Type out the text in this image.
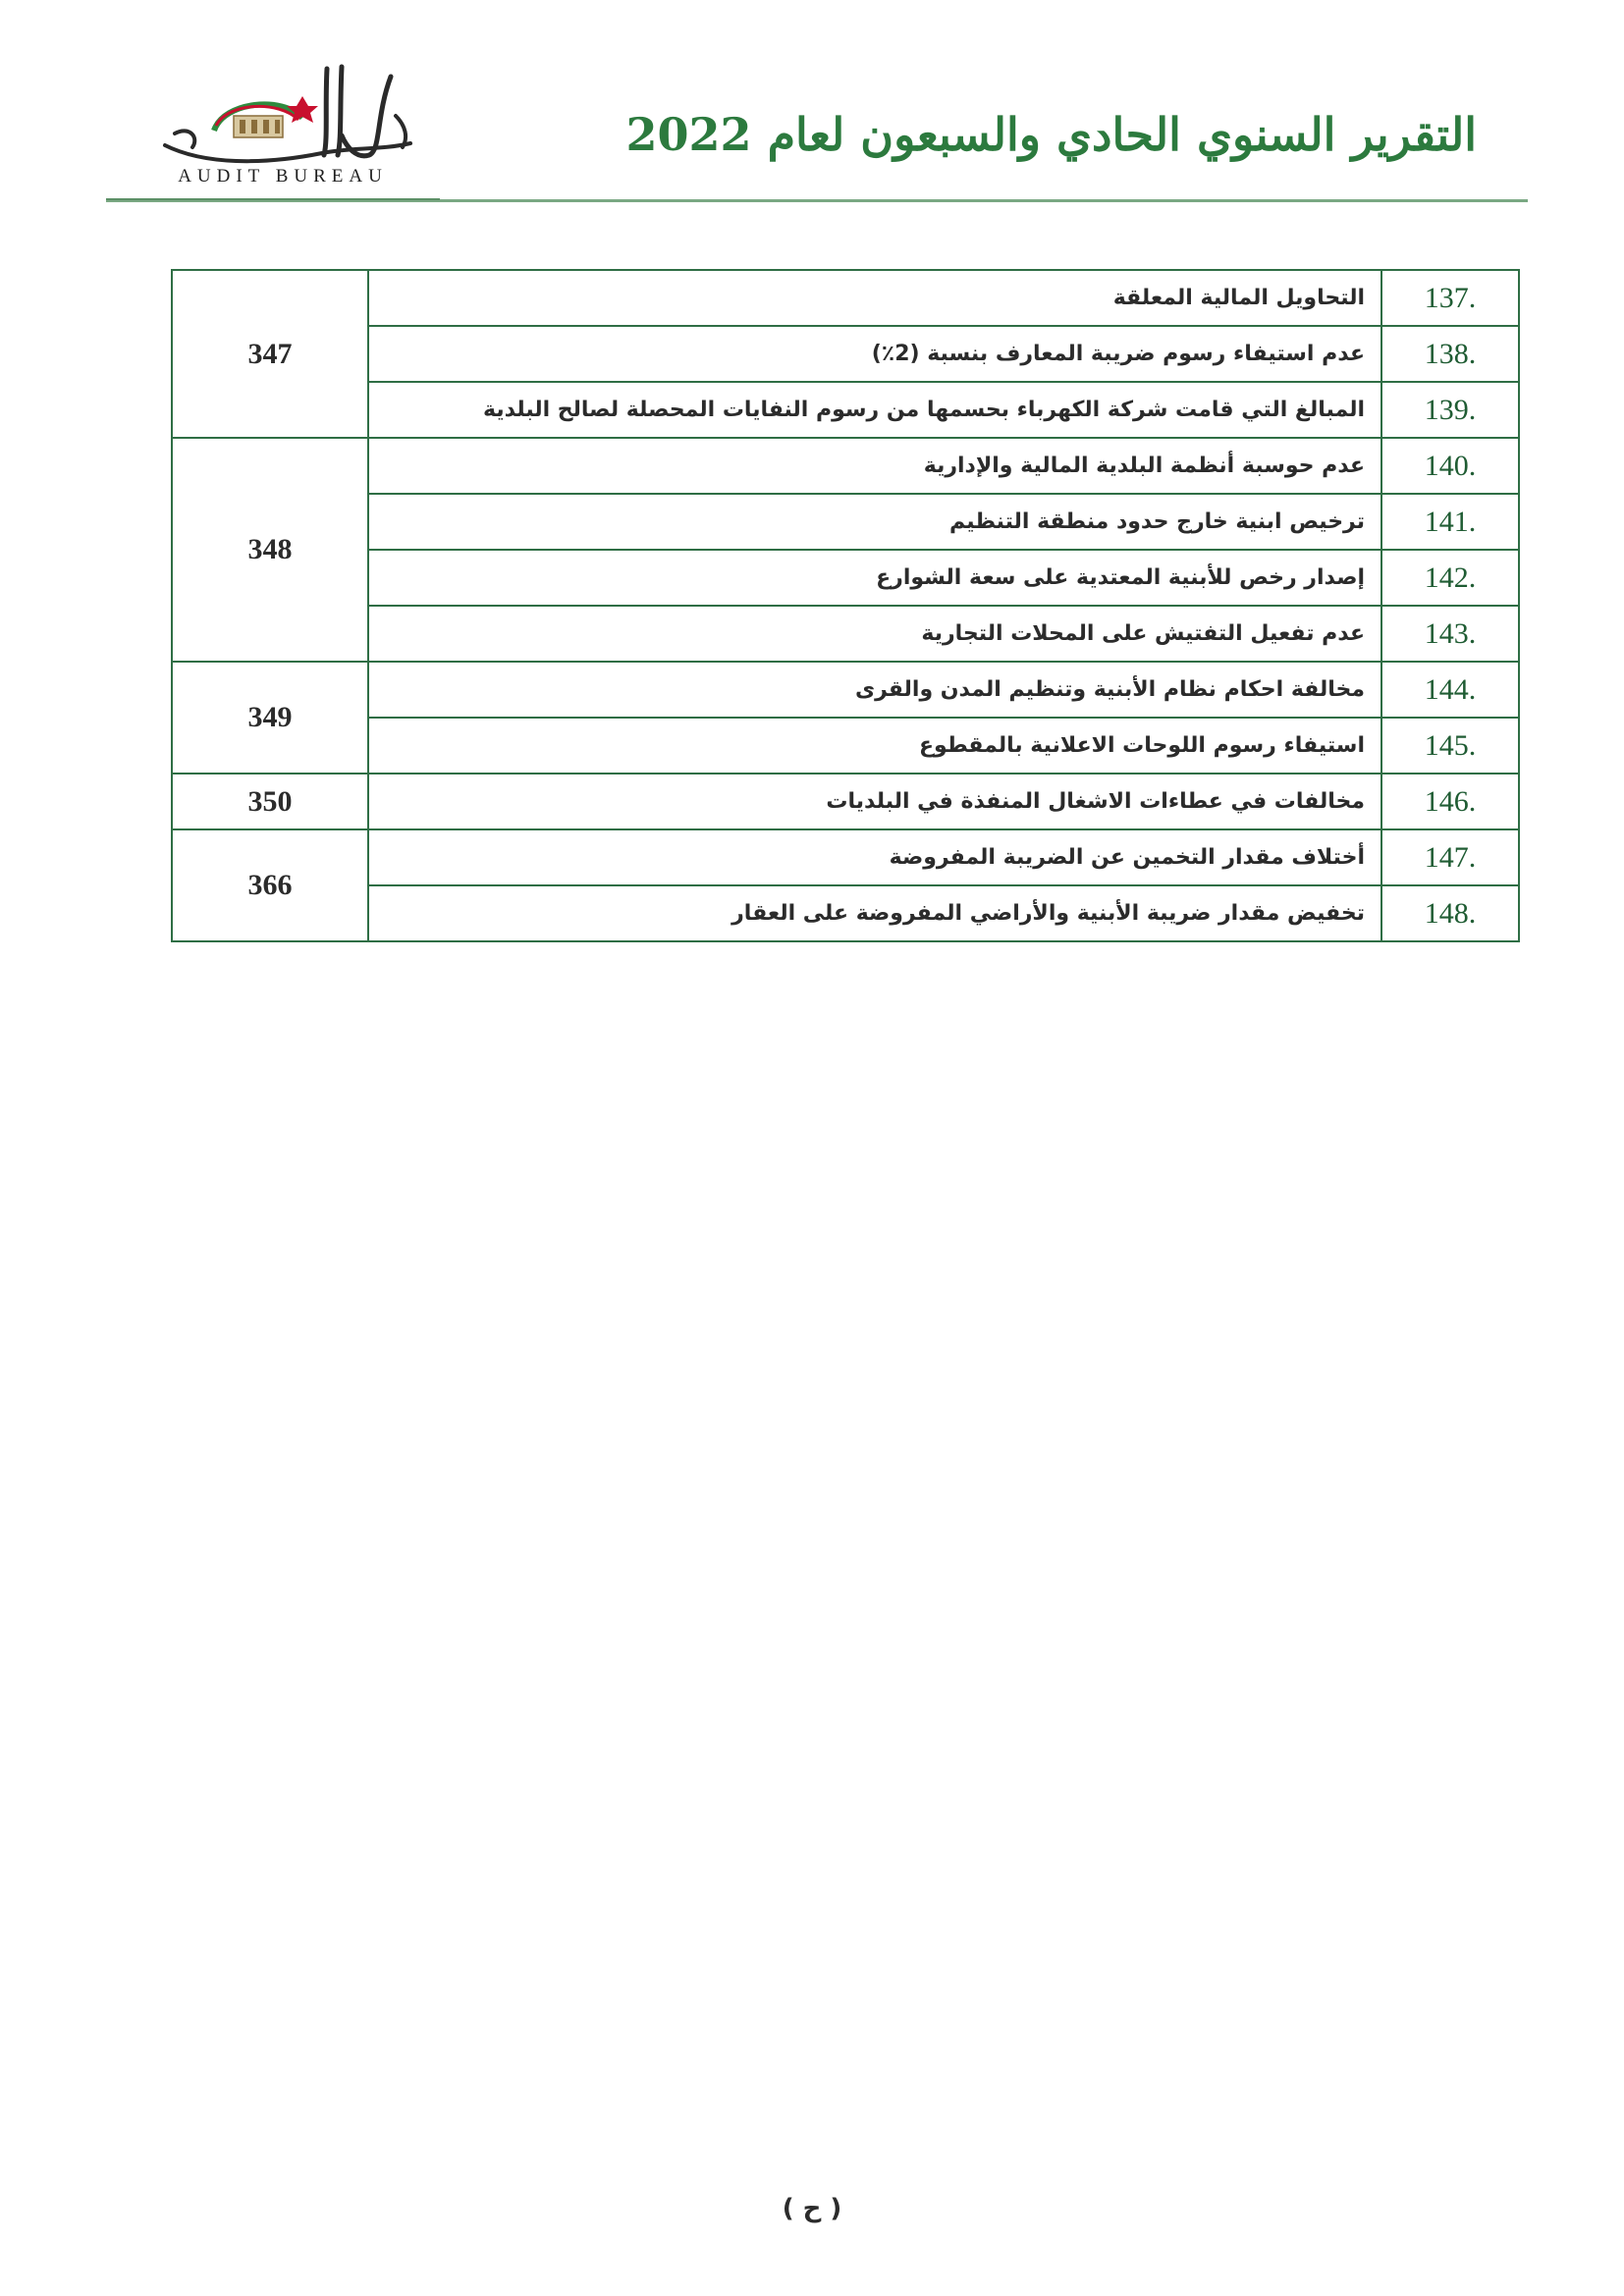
AUDIT BUREAU
التقرير السنوي الحادي والسبعون لعام 2022
137.	التحاويل المالية المعلقة	347
138.	عدم استيفاء رسوم ضريبة المعارف بنسبة (2٪)	
139.	المبالغ التي قامت شركة الكهرباء بحسمها من رسوم النفايات المحصلة لصالح البلدية	
140.	عدم حوسبة أنظمة البلدية المالية والإدارية	348
141.	ترخيص ابنية خارج حدود منطقة التنظيم	
142.	إصدار رخص للأبنية المعتدية على سعة الشوارع	
143.	عدم تفعيل التفتيش على المحلات التجارية	
144.	مخالفة احكام نظام الأبنية وتنظيم المدن والقرى	349
145.	استيفاء رسوم اللوحات الاعلانية بالمقطوع	
146.	مخالفات في عطاءات الاشغال المنفذة في البلديات	350
147.	أختلاف مقدار التخمين عن الضريبة المفروضة	366
148.	تخفيض مقدار ضريبة الأبنية والأراضي المفروضة على العقار	
( ح )
